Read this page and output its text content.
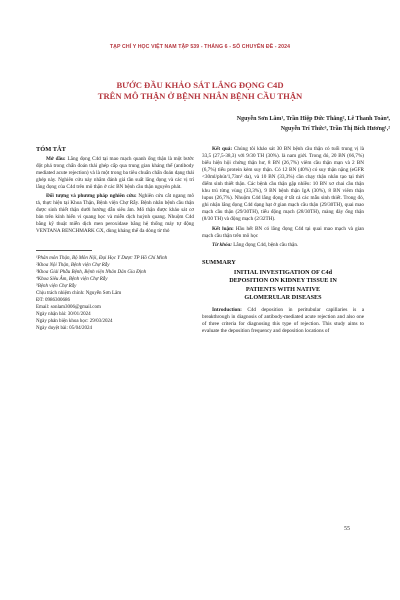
TẠP CHÍ Y HỌC VIỆT NAM TẬP 539 - THÁNG 6 - SỐ CHUYÊN ĐỀ - 2024
BƯỚC ĐẦU KHẢO SÁT LẮNG ĐỌNG C4D
TRÊN MÔ THẬN Ở BỆNH NHÂN BỆNH CẦU THẬN
Nguyễn Sơn Lâm¹, Trần Hiệp Đức Thắng², Lê Thanh Toàn⁴,
Nguyễn Trí Thức³, Trần Thị Bích Hương¹,²
TÓM TẮT

Mở đầu: Lắng đọng C4d tại mao mạch quanh ống thận là một bước đột phá trong chẩn đoán thải ghép cấp qua trung gian kháng thể (antibody mediated acute rejection) và là một trong ba tiêu chuẩn chẩn đoán dạng thải ghép này. Nghiên cứu này nhằm đánh giá tần suất lắng đọng và các vị trí lắng đọng của C4d trên mô thận ở các BN bệnh cầu thận nguyên phát.

Đối tượng và phương pháp nghiên cứu: Nghiên cứu cắt ngang mô tả, thực hiện tại Khoa Thận, Bệnh viện Chợ Rẫy. Bệnh nhân bệnh cầu thận được sinh thiết thận dưới hướng dẫn siêu âm. Mô thận được khảo sát cơ bản trên kính hiển vi quang học và miễn dịch huỳnh quang. Nhuộm C4d bằng kỹ thuật miễn dịch men peroxidase bằng hệ thống máy tự động VENTANA BENCHMARK GX, dùng kháng thể đa dòng từ thỏ

¹Phân môn Thận, Bộ Môn Nội, Đại Học Y Dược TP Hồ Chí Minh
²Khoa Nội Thận, Bệnh viện Chợ Rẫy
³Khoa Giải Phẫu Bệnh, Bệnh viện Nhân Dân Gia Định
⁴Khoa Siêu Âm, Bệnh viện Chợ Rẫy
⁵Bệnh viện Chợ Rẫy
Chịu trách nhiệm chính: Nguyễn Sơn Lâm
ĐT: 0986300686
Email: sonlam3006@gmail.com
Ngày nhận bài: 30/01/2024
Ngày phản biện khoa học: 29/03/2024
Ngày duyệt bài: 05/04/2024

Kết quả: Chúng tôi khảo sát 30 BN bệnh cầu thận có tuổi trung vị là 33,5 (27,5-38,3) với 9/30 TH (30%). là nam giới. Trong đó, 20 BN (66,7%) biểu hiện hội chứng thận hư, 8 BN (26,7%) viêm cầu thận mạn và 2 BN (6,7%) tiểu protein kèm suy thận. Có 12 BN (40%) có suy thận nặng (eGFR <30ml/phút/1,73m² da), và 10 BN (33,3%) cần chạy thận nhân tạo tại thời điểm sinh thiết thận. Các bệnh cầu thận gặp nhiều: 10 BN xơ chai cầu thận khu trú từng vùng (33,3%), 9 BN bệnh thận IgA (30%), 8 BN viêm thận lupus (26,7%). Nhuộm C4d lắng đọng ở tất cả các mẫu sinh thiết. Trong đó, ghi nhận lắng đọng C4d dạng hạt ở gian mạch cầu thận (29/30TH), quai mao mạch cầu thận (29/30TH), tiểu động mạch (28/30TH), màng đáy ống thận (8/30 TH) và động mạch (2/32TH).

Kết luận: Hầu hết BN có lắng đọng C4d tại quai mao mạch và gian mạch cầu thận trên mô học

Từ khóa: Lắng đọng C4d, bệnh cầu thận.

SUMMARY
INITIAL INVESTIGATION OF C4d
DEPOSITION ON KIDNEY TISSUE IN
PATIENTS WITH NATIVE
GLOMERULAR DISEASES

Introduction: C4d deposition in peritubular capillaries is a breakthrough in diagnosis of antibody-mediated acute rejection and also one of three criteria for diagnosing this type of rejection. This study aims to evaluate the deposition frequency and deposition locations of

55
